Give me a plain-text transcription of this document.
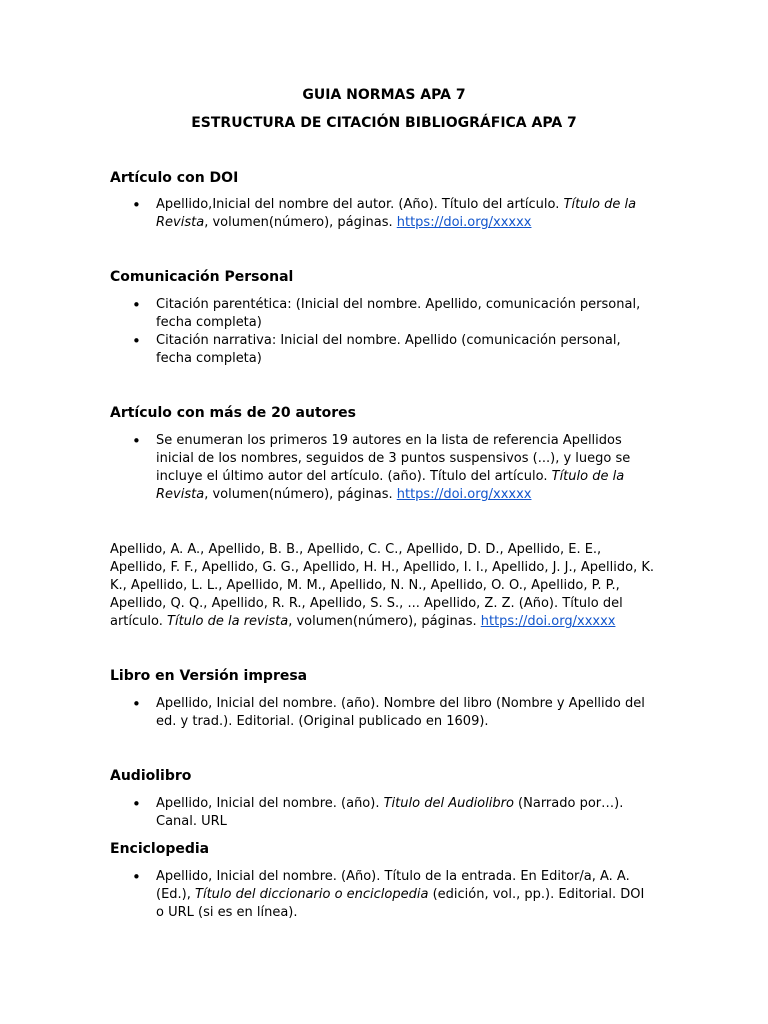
GUIA NORMAS APA 7
ESTRUCTURA DE CITACIÓN BIBLIOGRÁFICA APA 7
Artículo con DOI
• Apellido,Inicial del nombre del autor. (Año). Título del artículo. Título de la Revista, volumen(número), páginas. https://doi.org/xxxxx
Comunicación Personal
• Citación parentética: (Inicial del nombre. Apellido, comunicación personal, fecha completa)
• Citación narrativa: Inicial del nombre. Apellido (comunicación personal, fecha completa)
Artículo con más de 20 autores
• Se enumeran los primeros 19 autores en la lista de referencia Apellidos inicial de los nombres, seguidos de 3 puntos suspensivos (...), y luego se incluye el último autor del artículo. (año). Título del artículo. Título de la Revista, volumen(número), páginas. https://doi.org/xxxxx
Apellido, A. A., Apellido, B. B., Apellido, C. C., Apellido, D. D., Apellido, E. E., Apellido, F. F., Apellido, G. G., Apellido, H. H., Apellido, I. I., Apellido, J. J., Apellido, K. K., Apellido, L. L., Apellido, M. M., Apellido, N. N., Apellido, O. O., Apellido, P. P., Apellido, Q. Q., Apellido, R. R., Apellido, S. S., ... Apellido, Z. Z. (Año). Título del artículo. Título de la revista, volumen(número), páginas. https://doi.org/xxxxx
Libro en Versión impresa
• Apellido, Inicial del nombre. (año). Nombre del libro (Nombre y Apellido del ed. y trad.). Editorial. (Original publicado en 1609).
Audiolibro
• Apellido, Inicial del nombre. (año). Titulo del Audiolibro (Narrado por…). Canal. URL
Enciclopedia
• Apellido, Inicial del nombre. (Año). Título de la entrada. En Editor/a, A. A. (Ed.), Título del diccionario o enciclopedia (edición, vol., pp.). Editorial. DOI o URL (si es en línea).
